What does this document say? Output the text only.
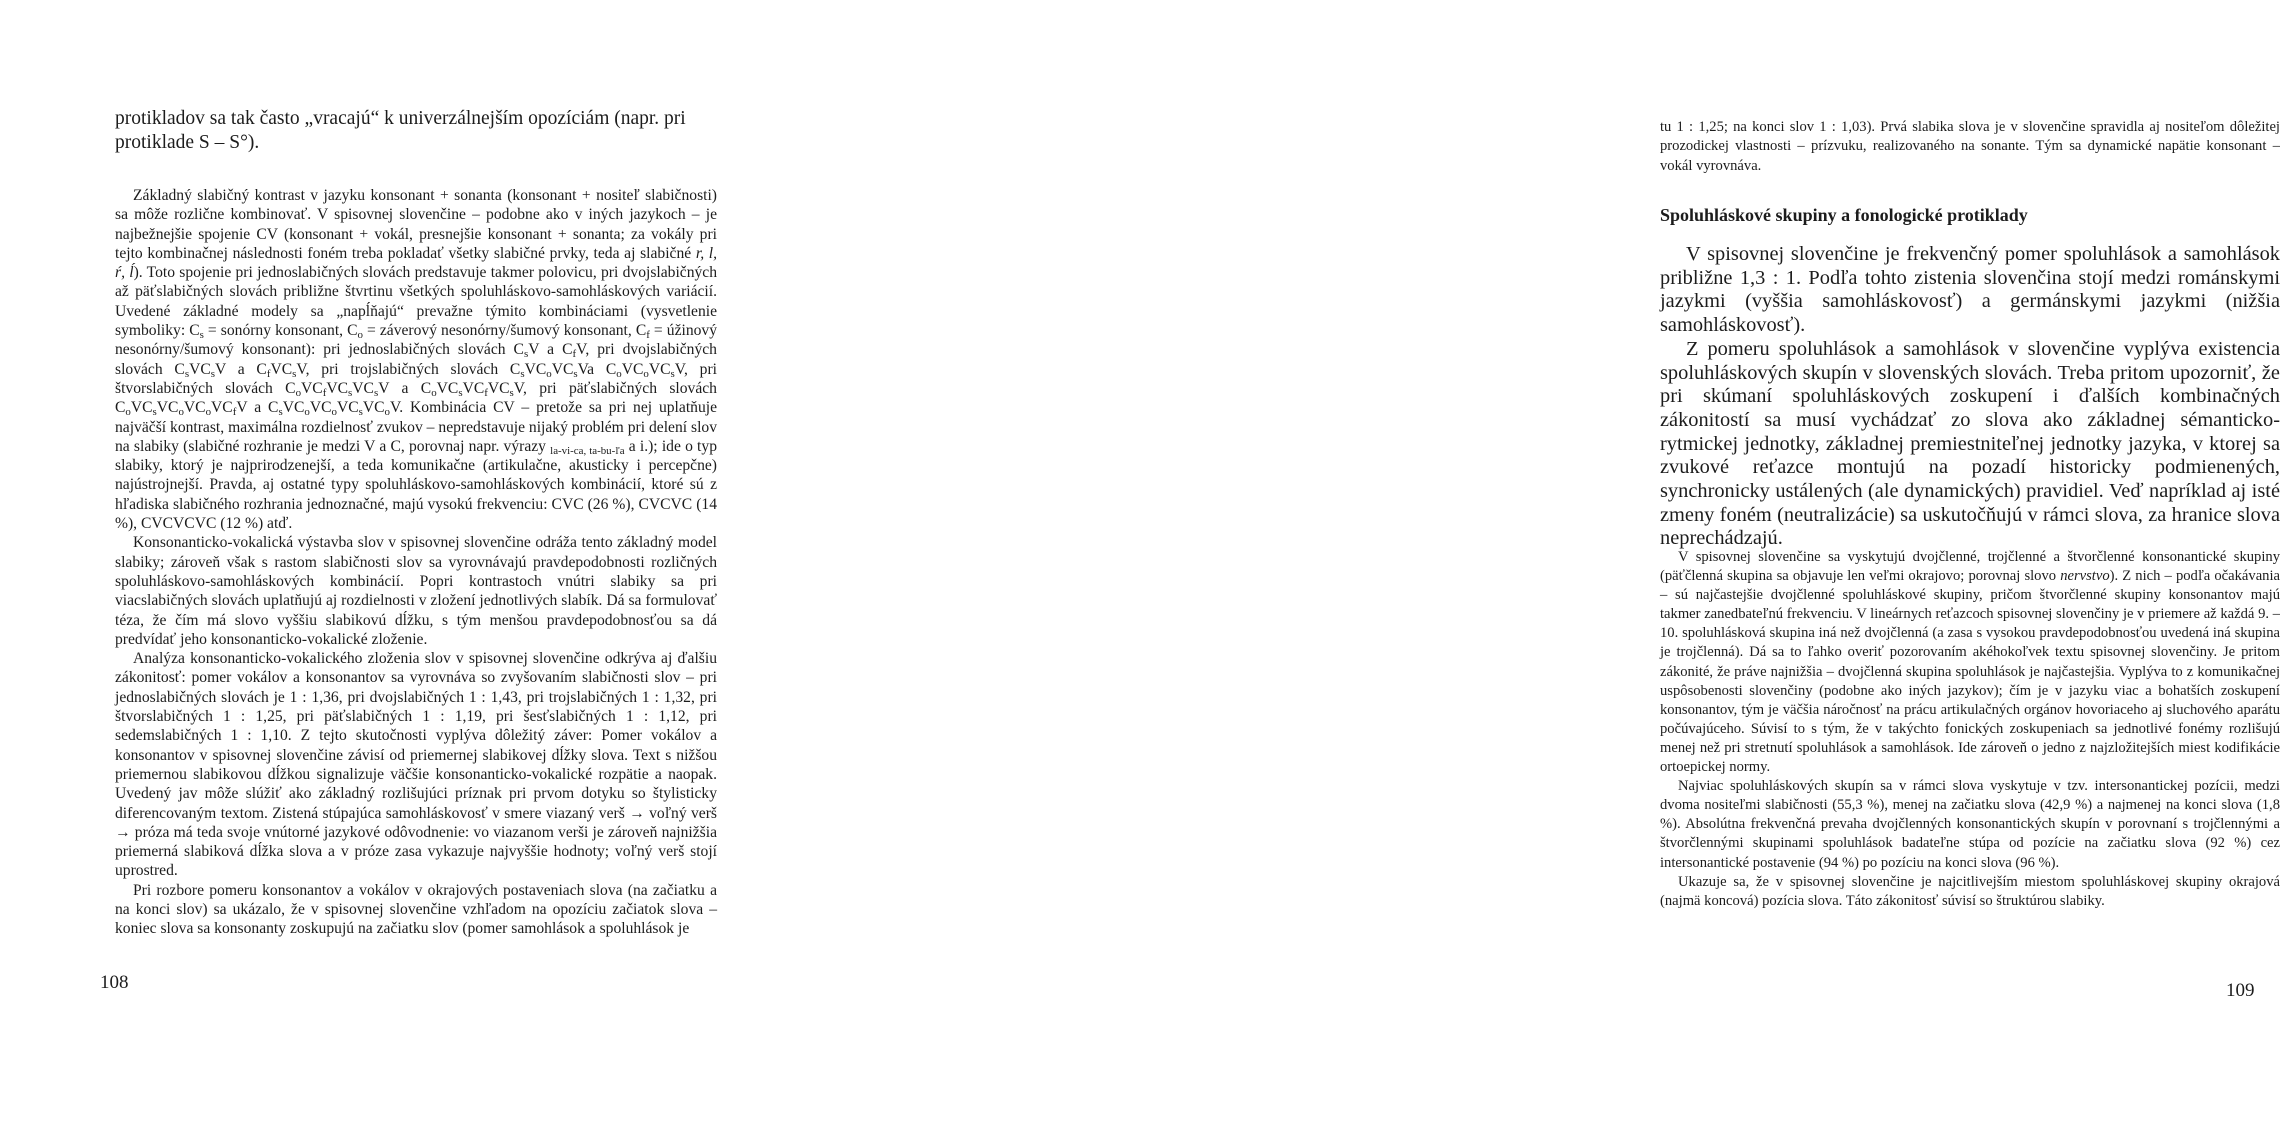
protikladov sa tak často „vracajú“ k univerzálnejším opozíciám (napr. pri protiklade S – S°).

Základný slabičný kontrast v jazyku konsonant + sonanta (konsonant + nositeľ slabičnosti) sa môže rozlične kombinovať. V spisovnej slovenčine – podobne ako v iných jazykoch – je najbežnejšie spojenie CV (konsonant + vokál, presnejšie konsonant + sonanta; za vokály pri tejto kombinačnej následnosti foném treba pokladať všetky slabičné prvky, teda aj slabičné r, l, ŕ, ĺ). Toto spojenie pri jednoslabičných slovách predstavuje takmer polovicu, pri dvojslabičných až päťslabičných slovách približne štvrtinu všetkých spoluhláskovo-samohláskových variácií. Uvedené základné modely sa „napĺňajú“ prevažne týmito kombináciami (vysvetlenie symboliky: $C_s$ = sonórny konsonant, $C_o$ = záverový nesonórny/šumový konsonant, $C_f$ = úžinový nesonórny/šumový konsonant): pri jednoslabičných slovách $C_sV$ a $C_fV$, pri dvojslabičných slovách $C_sVC_sV$ a $C_fVC_sV$, pri trojslabičných slovách $C_sVC_oVC_sVa$ $C_oVC_oVC_sV$, pri štvorslabičných slovách $C_oVC_fVC_sVC_sV$ a $C_oVC_sVC_fVC_sV$, pri päťslabičných slovách $C_oVC_sVC_oVC_oVC_fV$ a $C_sVC_oVC_oVC_sVC_oV$. Kombinácia CV – pretože sa pri nej uplatňuje najväčší kontrast, maximálna rozdielnosť zvukov – nepredstavuje nijaký problém pri delení slov na slabiky (slabičné rozhranie je medzi V a C, porovnaj napr. výrazy $_{la-vi-ca, ta-bu-ľa}$ a i.); ide o typ slabiky, ktorý je najprirodzenejší, a teda komunikačne (artikulačne, akusticky i percepčne) najústrojnejší. Pravda, aj ostatné typy spoluhláskovo-samohláskových kombinácií, ktoré sú z hľadiska slabičného rozhrania jednoznačné, majú vysokú frekvenciu: CVC (26 %), CVCVC (14 %), CVCVCVC (12 %) atď.

Konsonanticko-vokalická výstavba slov v spisovnej slovenčine odráža tento základný model slabiky; zároveň však s rastom slabičnosti slov sa vyrovnávajú pravdepodobnosti rozličných spoluhláskovo-samohláskových kombinácií. Popri kontrastoch vnútri slabiky sa pri viacslabičných slovách uplatňujú aj rozdielnosti v zložení jednotlivých slabík. Dá sa formulovať téza, že čím má slovo vyššiu slabikovú dĺžku, s tým menšou pravdepodobnosťou sa dá predvídať jeho konsonanticko-vokalické zloženie.

Analýza konsonanticko-vokalického zloženia slov v spisovnej slovenčine odkrýva aj ďalšiu zákonitosť: pomer vokálov a konsonantov sa vyrovnáva so zvyšovaním slabičnosti slov – pri jednoslabičných slovách je 1 : 1,36, pri dvojslabičných 1 : 1,43, pri trojslabičných 1 : 1,32, pri štvorslabičných 1 : 1,25, pri päťslabičných 1 : 1,19, pri šesťslabičných 1 : 1,12, pri sedemslabičných 1 : 1,10. Z tejto skutočnosti vyplýva dôležitý záver: Pomer vokálov a konsonantov v spisovnej slovenčine závisí od priemernej slabikovej dĺžky slova. Text s nižšou priemernou slabikovou dĺžkou signalizuje väčšie konsonanticko-vokalické rozpätie a naopak. Uvedený jav môže slúžiť ako základný rozlišujúci príznak pri prvom dotyku so štylisticky diferencovaným textom. Zistená stúpajúca samohláskovosť v smere viazaný verš → voľný verš → próza má teda svoje vnútorné jazykové odôvodnenie: vo viazanom verši je zároveň najnižšia priemerná slabiková dĺžka slova a v próze zasa vykazuje najvyššie hodnoty; voľný verš stojí uprostred.

Pri rozbore pomeru konsonantov a vokálov v okrajových postaveniach slova (na začiatku a na konci slov) sa ukázalo, že v spisovnej slovenčine vzhľadom na opozíciu začiatok slova – koniec slova sa konsonanty zoskupujú na začiatku slov (pomer samohlások a spoluhlások je

108

tu 1 : 1,25; na konci slov 1 : 1,03). Prvá slabika slova je v slovenčine spravidla aj nositeľom dôležitej prozodickej vlastnosti – prízvuku, realizovaného na sonante. Tým sa dynamické napätie konsonant – vokál vyrovnáva.

Spoluhláskové skupiny a fonologické protiklady

V spisovnej slovenčine je frekvenčný pomer spoluhlások a samohlások približne 1,3 : 1. Podľa tohto zistenia slovenčina stojí medzi románskymi jazykmi (vyššia samohláskovosť) a germánskymi jazykmi (nižšia samohláskovosť).

Z pomeru spoluhlások a samohlások v slovenčine vyplýva existencia spoluhláskových skupín v slovenských slovách. Treba pritom upozorniť, že pri skúmaní spoluhláskových zoskupení i ďalších kombinačných zákonitostí sa musí vychádzať zo slova ako základnej sémanticko-rytmickej jednotky, základnej premiestniteľnej jednotky jazyka, v ktorej sa zvukové reťazce montujú na pozadí historicky podmienených, synchronicky ustálených (ale dynamických) pravidiel. Veď napríklad aj isté zmeny foném (neutralizácie) sa uskutočňujú v rámci slova, za hranice slova neprechádzajú.

V spisovnej slovenčine sa vyskytujú dvojčlenné, trojčlenné a štvorčlenné konsonantické skupiny (päťčlenná skupina sa objavuje len veľmi okrajovo; porovnaj slovo nervstvo). Z nich – podľa očakávania – sú najčastejšie dvojčlenné spoluhláskové skupiny, pričom štvorčlenné skupiny konsonantov majú takmer zanedbateľnú frekvenciu. V lineárnych reťazcoch spisovnej slovenčiny je v priemere až každá 9. – 10. spoluhlásková skupina iná než dvojčlenná (a zasa s vysokou pravdepodobnosťou uvedená iná skupina je trojčlenná). Dá sa to ľahko overiť pozorovaním akéhokoľvek textu spisovnej slovenčiny. Je pritom zákonité, že práve najnižšia – dvojčlenná skupina spoluhlások je najčastejšia. Vyplýva to z komunikačnej uspôsobenosti slovenčiny (podobne ako iných jazykov); čím je v jazyku viac a bohatších zoskupení konsonantov, tým je väčšia náročnosť na prácu artikulačných orgánov hovoriaceho aj sluchového aparátu počúvajúceho. Súvisí to s tým, že v takýchto fonických zoskupeniach sa jednotlivé fonémy rozlišujú menej než pri stretnutí spoluhlások a samohlások. Ide zároveň o jedno z najzložitejších miest kodifikácie ortoepickej normy.

Najviac spoluhláskových skupín sa v rámci slova vyskytuje v tzv. intersonantickej pozícii, medzi dvoma nositeľmi slabičnosti (55,3 %), menej na začiatku slova (42,9 %) a najmenej na konci slova (1,8 %). Absolútna frekvenčná prevaha dvojčlenných konsonantických skupín v porovnaní s trojčlennými a štvorčlennými skupinami spoluhlások badateľne stúpa od pozície na začiatku slova (92 %) cez intersonantické postavenie (94 %) po pozíciu na konci slova (96 %).

Ukazuje sa, že v spisovnej slovenčine je najcitlivejším miestom spoluhláskovej skupiny okrajová (najmä koncová) pozícia slova. Táto zákonitosť súvisí so štruktúrou slabiky.

109
